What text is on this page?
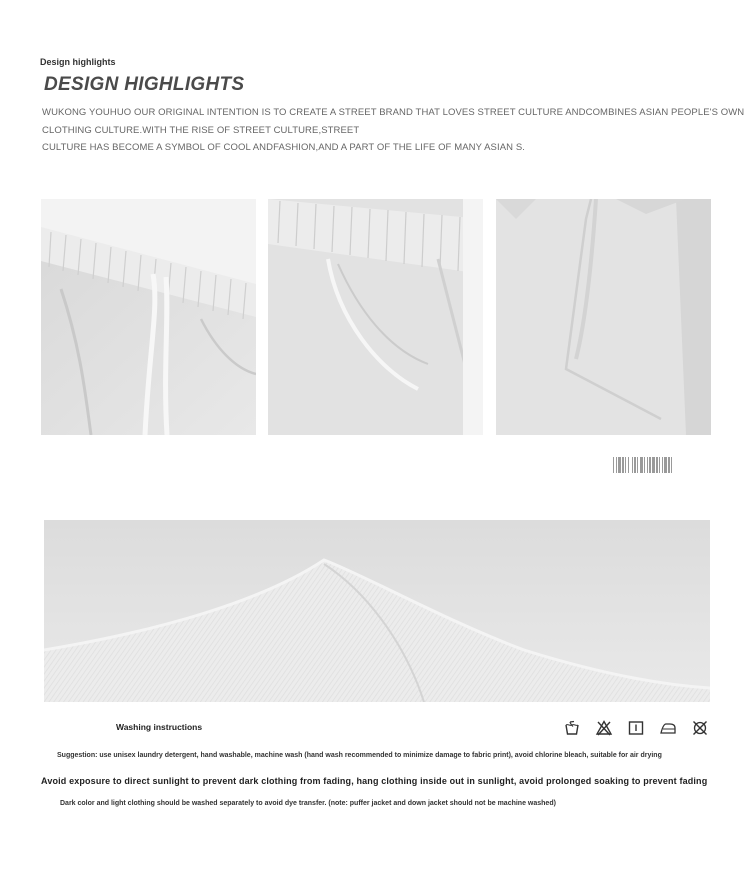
Design highlights
DESIGN HIGHLIGHTS
WUKONG YOUHUO OUR ORIGINAL INTENTION IS TO CREATE A STREET BRAND THAT LOVES STREET CULTURE ANDCOMBINES ASIAN PEOPLE'S OWN
CLOTHING CULTURE.WITH THE RISE OF STREET CULTURE,STREET
CULTURE HAS BECOME A SYMBOL OF COOL ANDFASHION,AND A PART OF THE LIFE OF MANY ASIAN S.
Washing instructions
Suggestion: use unisex laundry detergent, hand washable, machine wash (hand wash recommended to minimize damage to fabric print), avoid chlorine bleach, suitable for air drying
Avoid exposure to direct sunlight to prevent dark clothing from fading, hang clothing inside out in sunlight, avoid prolonged soaking to prevent fading
Dark color and light clothing should be washed separately to avoid dye transfer. (note: puffer jacket and down jacket should not be machine washed)
